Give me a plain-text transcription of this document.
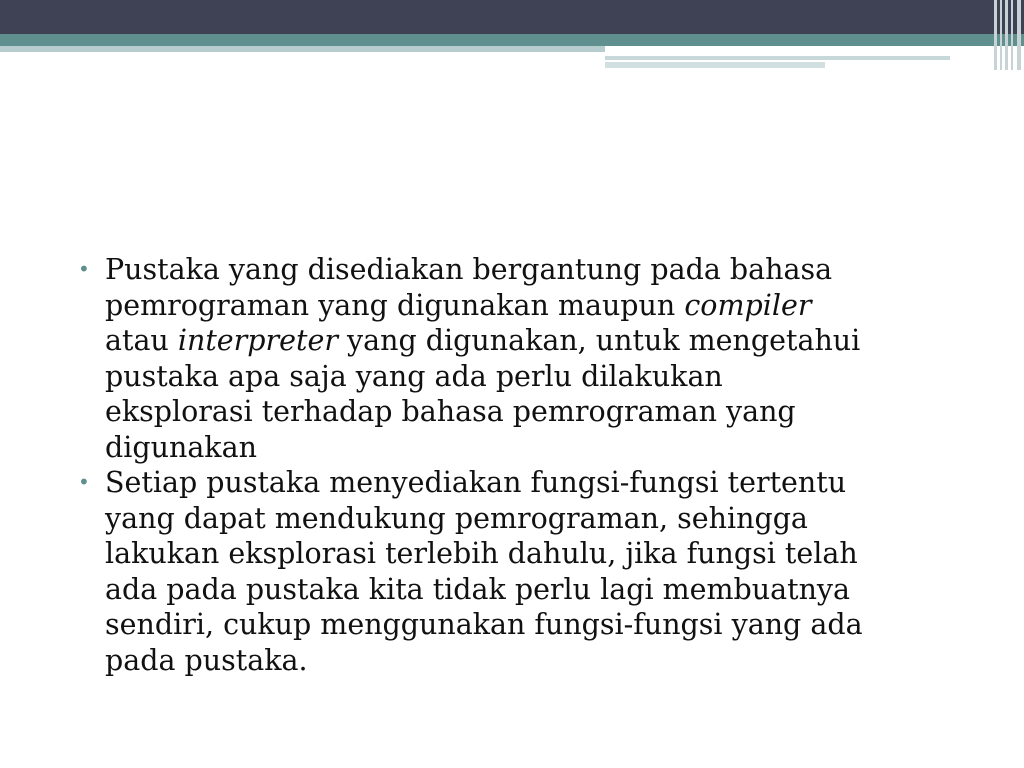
• Pustaka yang disediakan bergantung pada bahasa
pemrograman yang digunakan maupun compiler
atau interpreter yang digunakan, untuk mengetahui
pustaka apa saja yang ada perlu dilakukan
eksplorasi terhadap bahasa pemrograman yang
digunakan
• Setiap pustaka menyediakan fungsi-fungsi tertentu
yang dapat mendukung pemrograman, sehingga
lakukan eksplorasi terlebih dahulu, jika fungsi telah
ada pada pustaka kita tidak perlu lagi membuatnya
sendiri, cukup menggunakan fungsi-fungsi yang ada
pada pustaka.
